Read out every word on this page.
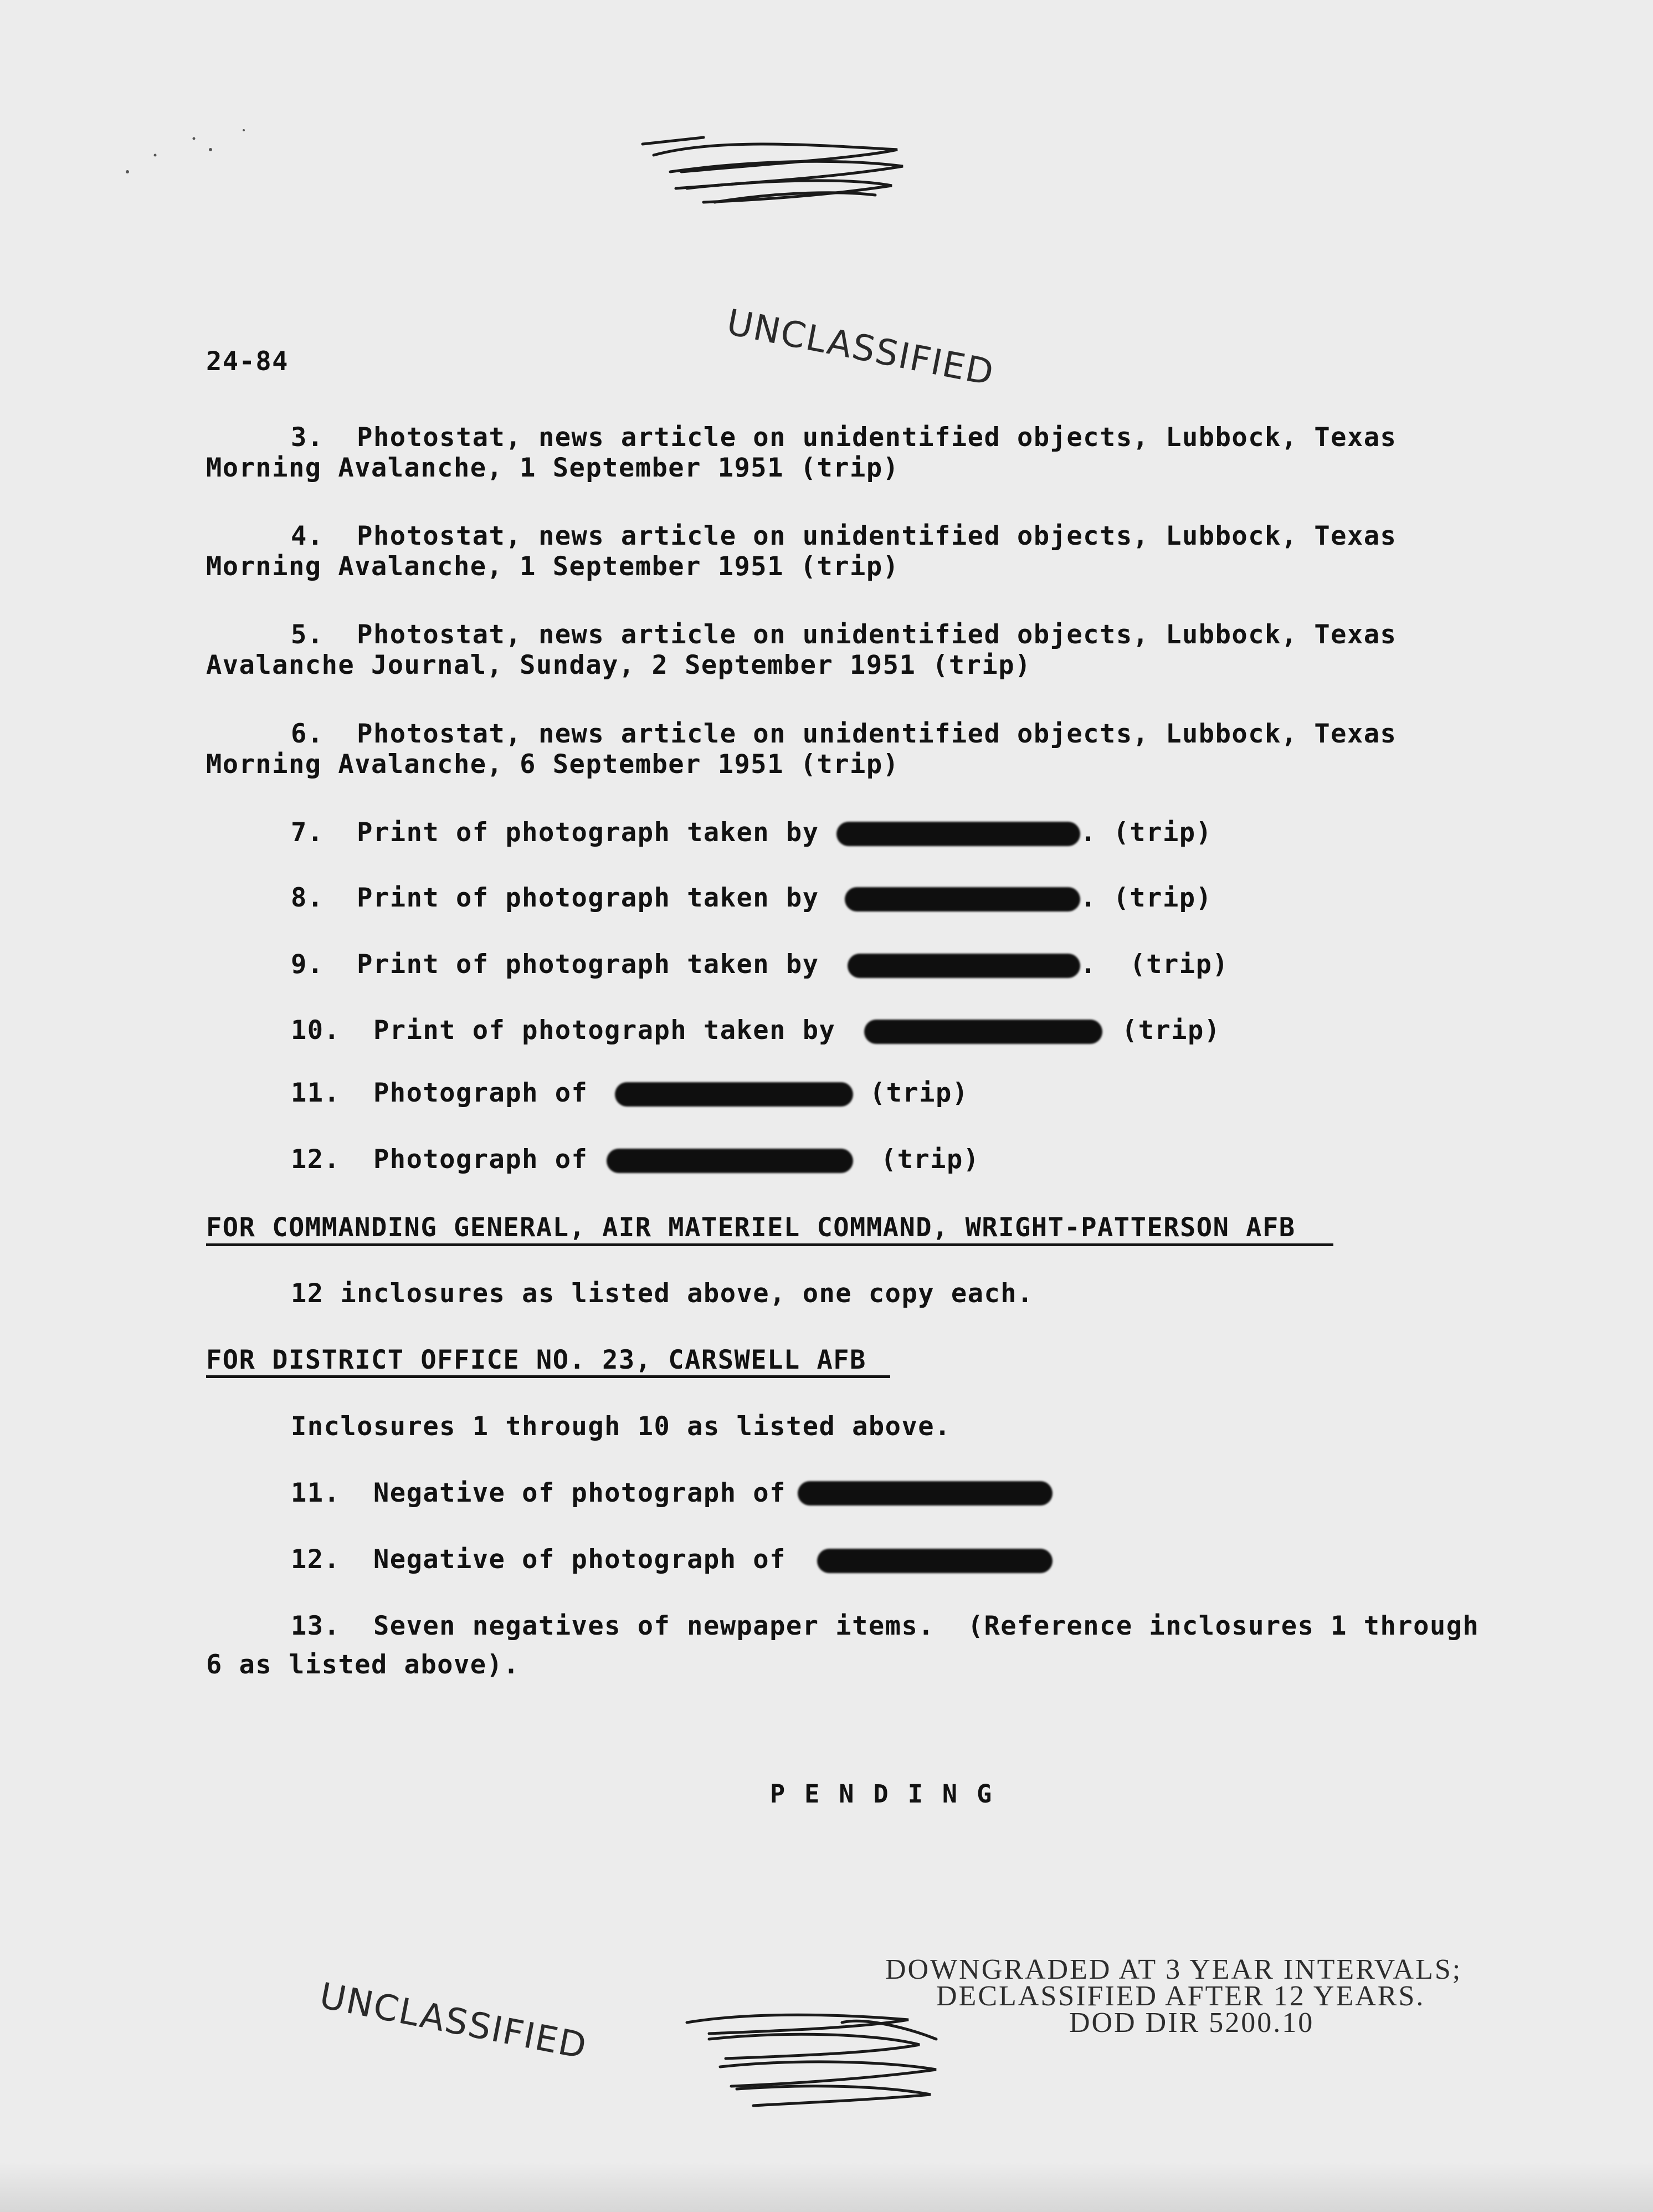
UNCLASSIFIED
24-84
3.  Photostat, news article on unidentified objects, Lubbock, Texas
Morning Avalanche, 1 September 1951 (trip)
4.  Photostat, news article on unidentified objects, Lubbock, Texas
Morning Avalanche, 1 September 1951 (trip)
5.  Photostat, news article on unidentified objects, Lubbock, Texas
Avalanche Journal, Sunday, 2 September 1951 (trip)
6.  Photostat, news article on unidentified objects, Lubbock, Texas
Morning Avalanche, 6 September 1951 (trip)
7.  Print of photograph taken by	. (trip)
8.  Print of photograph taken by	. (trip)
9.  Print of photograph taken by	.  (trip)
10.  Print of photograph taken by	(trip)
11.  Photograph of	(trip)
12.  Photograph of	(trip)
FOR COMMANDING GENERAL, AIR MATERIEL COMMAND, WRIGHT-PATTERSON AFB
12 inclosures as listed above, one copy each.
FOR DISTRICT OFFICE NO. 23, CARSWELL AFB
Inclosures 1 through 10 as listed above.
11.  Negative of photograph of
12.  Negative of photograph of
13.  Seven negatives of newpaper items.  (Reference inclosures 1 through
6 as listed above).
P E N D I N G
UNCLASSIFIED
DOWNGRADED AT 3 YEAR INTERVALS;
DECLASSIFIED AFTER 12 YEARS.
DOD DIR 5200.10
